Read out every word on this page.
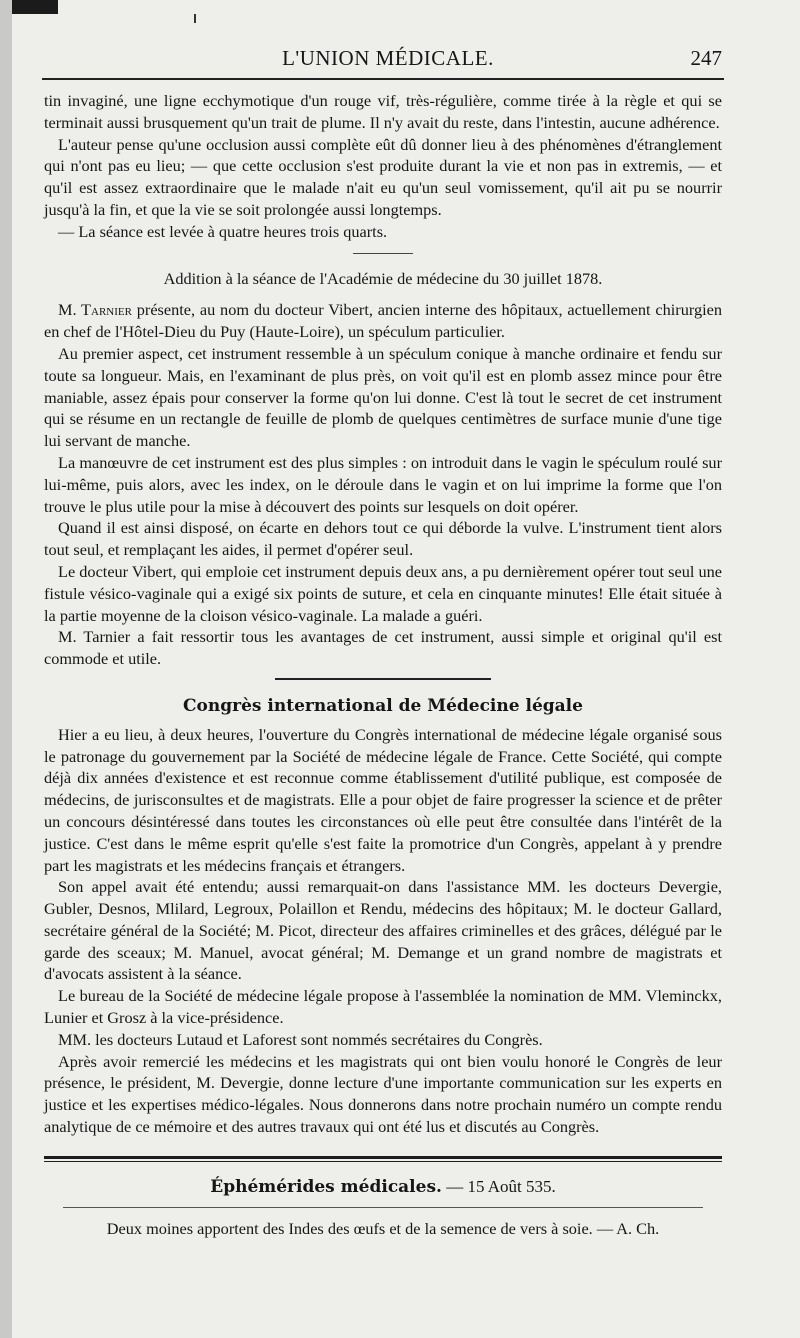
L'UNION MÉDICALE.	247

tin invaginé, une ligne ecchymotique d'un rouge vif, très-régulière, comme tirée à la règle et qui se terminait aussi brusquement qu'un trait de plume. Il n'y avait du reste, dans l'intestin, aucune adhérence.

L'auteur pense qu'une occlusion aussi complète eût dû donner lieu à des phénomènes d'étranglement qui n'ont pas eu lieu; — que cette occlusion s'est produite durant la vie et non pas in extremis, — et qu'il est assez extraordinaire que le malade n'ait eu qu'un seul vomissement, qu'il ait pu se nourrir jusqu'à la fin, et que la vie se soit prolongée aussi longtemps.

— La séance est levée à quatre heures trois quarts.

Addition à la séance de l'Académie de médecine du 30 juillet 1878.

M. Tarnier présente, au nom du docteur Vibert, ancien interne des hôpitaux, actuellement chirurgien en chef de l'Hôtel-Dieu du Puy (Haute-Loire), un spéculum particulier.

Au premier aspect, cet instrument ressemble à un spéculum conique à manche ordinaire et fendu sur toute sa longueur. Mais, en l'examinant de plus près, on voit qu'il est en plomb assez mince pour être maniable, assez épais pour conserver la forme qu'on lui donne. C'est là tout le secret de cet instrument qui se résume en un rectangle de feuille de plomb de quelques centimètres de surface munie d'une tige lui servant de manche.

La manœuvre de cet instrument est des plus simples : on introduit dans le vagin le spéculum roulé sur lui-même, puis alors, avec les index, on le déroule dans le vagin et on lui imprime la forme que l'on trouve le plus utile pour la mise à découvert des points sur lesquels on doit opérer.

Quand il est ainsi disposé, on écarte en dehors tout ce qui déborde la vulve. L'instrument tient alors tout seul, et remplaçant les aides, il permet d'opérer seul.

Le docteur Vibert, qui emploie cet instrument depuis deux ans, a pu dernièrement opérer tout seul une fistule vésico-vaginale qui a exigé six points de suture, et cela en cinquante minutes! Elle était située à la partie moyenne de la cloison vésico-vaginale. La malade a guéri.

M. Tarnier a fait ressortir tous les avantages de cet instrument, aussi simple et original qu'il est commode et utile.

Congrès international de Médecine légale

Hier a eu lieu, à deux heures, l'ouverture du Congrès international de médecine légale organisé sous le patronage du gouvernement par la Société de médecine légale de France. Cette Société, qui compte déjà dix années d'existence et est reconnue comme établissement d'utilité publique, est composée de médecins, de jurisconsultes et de magistrats. Elle a pour objet de faire progresser la science et de prêter un concours désintéressé dans toutes les circonstances où elle peut être consultée dans l'intérêt de la justice. C'est dans le même esprit qu'elle s'est faite la promotrice d'un Congrès, appelant à y prendre part les magistrats et les médecins français et étrangers.

Son appel avait été entendu; aussi remarquait-on dans l'assistance MM. les docteurs Devergie, Gubler, Desnos, Mlilard, Legroux, Polaillon et Rendu, médecins des hôpitaux; M. le docteur Gallard, secrétaire général de la Société; M. Picot, directeur des affaires criminelles et des grâces, délégué par le garde des sceaux; M. Manuel, avocat général; M. Demange et un grand nombre de magistrats et d'avocats assistent à la séance.

Le bureau de la Société de médecine légale propose à l'assemblée la nomination de MM. Vleminckx, Lunier et Grosz à la vice-présidence.

MM. les docteurs Lutaud et Laforest sont nommés secrétaires du Congrès.

Après avoir remercié les médecins et les magistrats qui ont bien voulu honoré le Congrès de leur présence, le président, M. Devergie, donne lecture d'une importante communication sur les experts en justice et les expertises médico-légales. Nous donnerons dans notre prochain numéro un compte rendu analytique de ce mémoire et des autres travaux qui ont été lus et discutés au Congrès.

Éphémérides médicales. — 15 Août 535.

Deux moines apportent des Indes des œufs et de la semence de vers à soie. — A. Ch.
